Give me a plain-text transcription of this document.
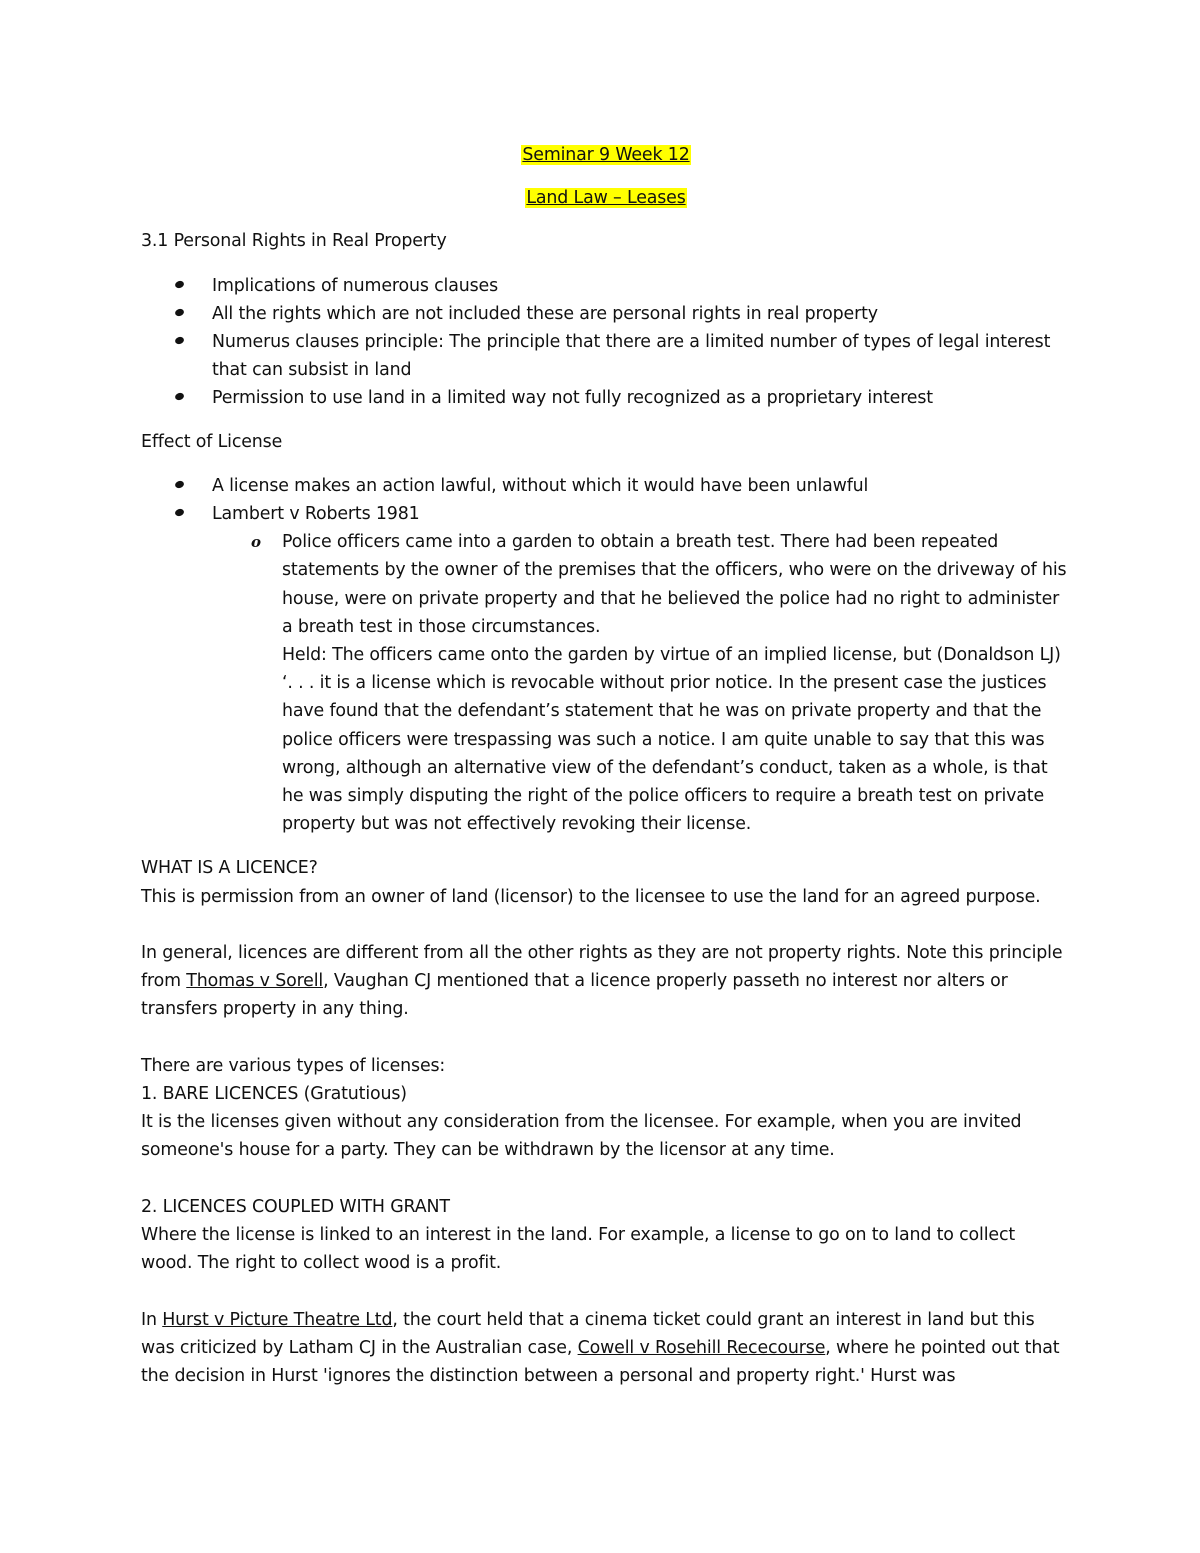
Seminar 9 Week 12

Land Law – Leases

3.1 Personal Rights in Real Property

Implications of numerous clauses
All the rights which are not included these are personal rights in real property
Numerus clauses principle: The principle that there are a limited number of types of legal interest that can subsist in land
Permission to use land in a limited way not fully recognized as a proprietary interest

Effect of License

A license makes an action lawful, without which it would have been unlawful
Lambert v Roberts 1981
o Police officers came into a garden to obtain a breath test. There had been repeated statements by the owner of the premises that the officers, who were on the driveway of his house, were on private property and that he believed the police had no right to administer a breath test in those circumstances.
Held: The officers came onto the garden by virtue of an implied license, but (Donaldson LJ) ‘. . . it is a license which is revocable without prior notice. In the present case the justices have found that the defendant’s statement that he was on private property and that the police officers were trespassing was such a notice. I am quite unable to say that this was wrong, although an alternative view of the defendant’s conduct, taken as a whole, is that he was simply disputing the right of the police officers to require a breath test on private property but was not effectively revoking their license.

WHAT IS A LICENCE?

This is permission from an owner of land (licensor) to the licensee to use the land for an agreed purpose.

In general, licences are different from all the other rights as they are not property rights. Note this principle from Thomas v Sorell, Vaughan CJ mentioned that a licence properly passeth no interest nor alters or transfers property in any thing.

There are various types of licenses:

1. BARE LICENCES (Gratutious)

It is the licenses given without any consideration from the licensee. For example, when you are invited someone's house for a party. They can be withdrawn by the licensor at any time.

2. LICENCES COUPLED WITH GRANT

Where the license is linked to an interest in the land. For example, a license to go on to land to collect wood. The right to collect wood is a profit.

In Hurst v Picture Theatre Ltd, the court held that a cinema ticket could grant an interest in land but this was criticized by Latham CJ in the Australian case, Cowell v Rosehill Rececourse, where he pointed out that the decision in Hurst 'ignores the distinction between a personal and property right.' Hurst was
